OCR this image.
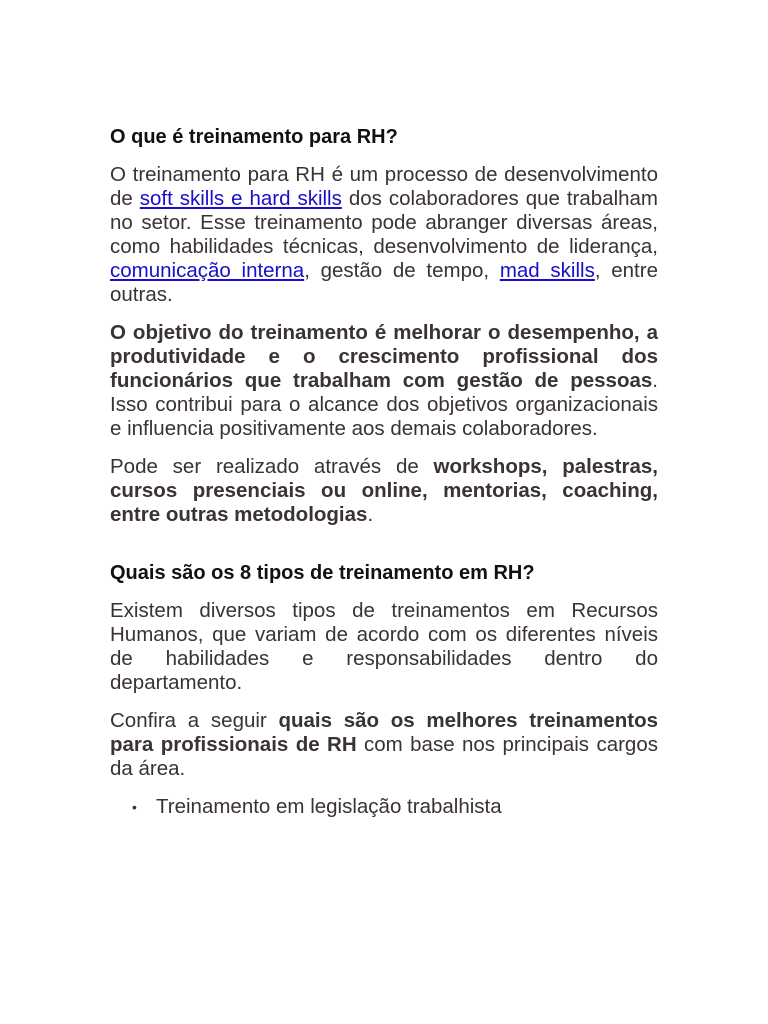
O que é treinamento para RH?

O treinamento para RH é um processo de desenvolvimento de soft skills e hard skills dos colaboradores que trabalham no setor. Esse treinamento pode abranger diversas áreas, como habilidades técnicas, desenvolvimento de liderança, comunicação interna, gestão de tempo, mad skills, entre outras.

O objetivo do treinamento é melhorar o desempenho, a produtividade e o crescimento profissional dos funcionários que trabalham com gestão de pessoas. Isso contribui para o alcance dos objetivos organizacionais e influencia positivamente aos demais colaboradores.

Pode ser realizado através de workshops, palestras, cursos presenciais ou online, mentorias, coaching, entre outras metodologias.

Quais são os 8 tipos de treinamento em RH?

Existem diversos tipos de treinamentos em Recursos Humanos, que variam de acordo com os diferentes níveis de habilidades e responsabilidades dentro do departamento.

Confira a seguir quais são os melhores treinamentos para profissionais de RH com base nos principais cargos da área.

• Treinamento em legislação trabalhista
